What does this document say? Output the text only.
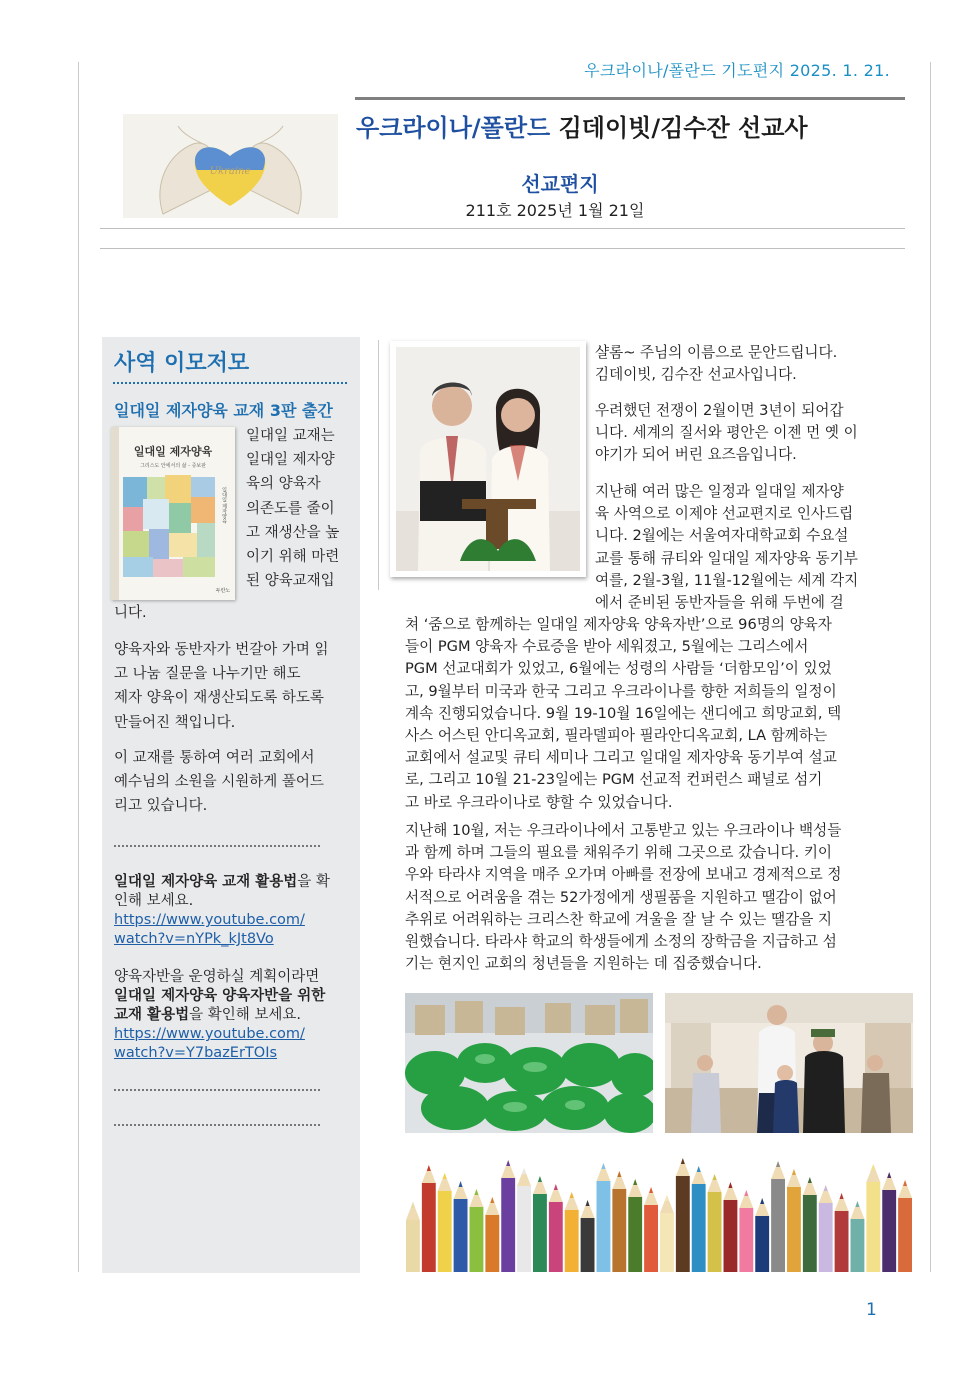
우크라이나/폴란드 기도편지 2025. 1. 21.
Ukraine
우크라이나/폴란드 김데이빗/김수잔 선교사
선교편지
211호 2025년 1월 21일
사역 이모저모
일대일 제자양육 교재 3판 출간
일대일 제자양육
그리스도 안에서의 삶 - 증보판
일대일 제자양육
두란노
일대일 교재는
일대일 제자양
육의 양육자
의존도를 줄이
고 재생산을 높
이기 위해 마련
된 양육교재입
니다.
양육자와 동반자가 번갈아 가며 읽
고 나눔 질문을 나누기만 해도
제자 양육이 재생산되도록 하도록
만들어진 책입니다.
이 교재를 통하여 여러 교회에서
예수님의 소원을 시원하게 풀어드
리고 있습니다.
일대일 제자양육 교재 활용법을 확
인해 보세요.
https://www.youtube.com/
watch?v=nYPk_kJt8Vo
양육자반을 운영하실 계획이라면
일대일 제자양육 양육자반을 위한
교재 활용법을 확인해 보세요.
https://www.youtube.com/
watch?v=Y7bazErTOIs
샬롬~ 주님의 이름으로 문안드립니다.
김데이빗, 김수잔 선교사입니다.
우려했던 전쟁이 2월이면 3년이 되어갑
니다. 세계의 질서와 평안은 이젠 먼 옛 이
야기가 되어 버린 요즈음입니다.
지난해 여러 많은 일정과 일대일 제자양
육 사역으로 이제야 선교편지로 인사드립
니다. 2월에는 서울여자대학교회 수요설
교를 통해 큐티와 일대일 제자양육 동기부
여를, 2월-3월, 11월-12월에는 세계 각지
에서 준비된 동반자들을 위해 두번에 걸
쳐 ‘줌으로 함께하는 일대일 제자양육 양육자반’으로 96명의 양육자
들이 PGM 양육자 수료증을 받아 세워졌고, 5월에는 그리스에서
PGM 선교대회가 있었고, 6월에는 성령의 사람들 ‘더함모임’이 있었
고, 9월부터 미국과 한국 그리고 우크라이나를 향한 저희들의 일정이
계속 진행되었습니다. 9월 19-10월 16일에는 샌디에고 희망교회, 텍
사스 어스틴 안디옥교회, 필라델피아 필라안디옥교회, LA 함께하는
교회에서 설교및 큐티 세미나 그리고 일대일 제자양육 동기부여 설교
로, 그리고 10월 21-23일에는 PGM 선교적 컨퍼런스 패널로 섬기
고 바로 우크라이나로 향할 수 있었습니다.
지난해 10월, 저는 우크라이나에서 고통받고 있는 우크라이나 백성들
과 함께 하며 그들의 필요를 채워주기 위해 그곳으로 갔습니다. 키이
우와 타라샤 지역을 매주 오가며 아빠를 전장에 보내고 경제적으로 정
서적으로 어려움을 겪는 52가정에게 생필품을 지원하고 땔감이 없어
추위로 어려워하는 크리스찬 학교에 겨울을 잘 날 수 있는 땔감을 지
원했습니다. 타라샤 학교의 학생들에게 소정의 장학금을 지급하고 섬
기는 현지인 교회의 청년들을 지원하는 데 집중했습니다.
1
